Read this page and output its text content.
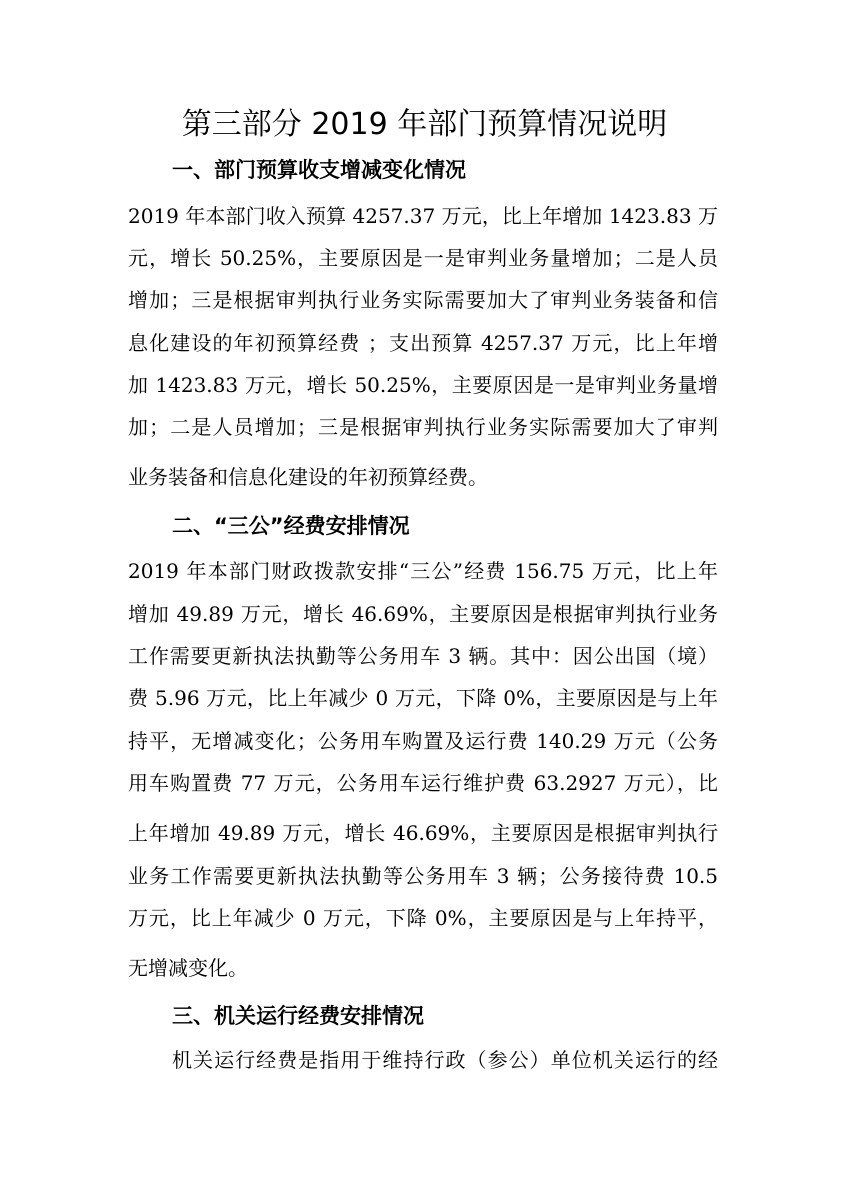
第三部分 2019 年部门预算情况说明
一、部门预算收支增减变化情况
2019 年本部门收入预算 4257.37 万元，比上年增加 1423.83 万
元，增长 50.25%，主要原因是一是审判业务量增加；二是人员
增加；三是根据审判执行业务实际需要加大了审判业务装备和信
息化建设的年初预算经费 ；支出预算 4257.37 万元，比上年增
加 1423.83 万元，增长 50.25%，主要原因是一是审判业务量增
加；二是人员增加；三是根据审判执行业务实际需要加大了审判
业务装备和信息化建设的年初预算经费。
二、“三公”经费安排情况
2019 年本部门财政拨款安排“三公”经费 156.75 万元，比上年
增加 49.89 万元，增长 46.69%，主要原因是根据审判执行业务
工作需要更新执法执勤等公务用车 3 辆。其中：因公出国（境）
费 5.96 万元，比上年减少 0 万元，下降 0%，主要原因是与上年
持平，无增减变化；公务用车购置及运行费 140.29 万元（公务
用车购置费 77 万元，公务用车运行维护费 63.2927 万元），比
上年增加 49.89 万元，增长 46.69%，主要原因是根据审判执行
业务工作需要更新执法执勤等公务用车 3 辆；公务接待费 10.5
万元，比上年减少 0 万元，下降 0%，主要原因是与上年持平，
无增减变化。
三、机关运行经费安排情况
机关运行经费是指用于维持行政（参公）单位机关运行的经
